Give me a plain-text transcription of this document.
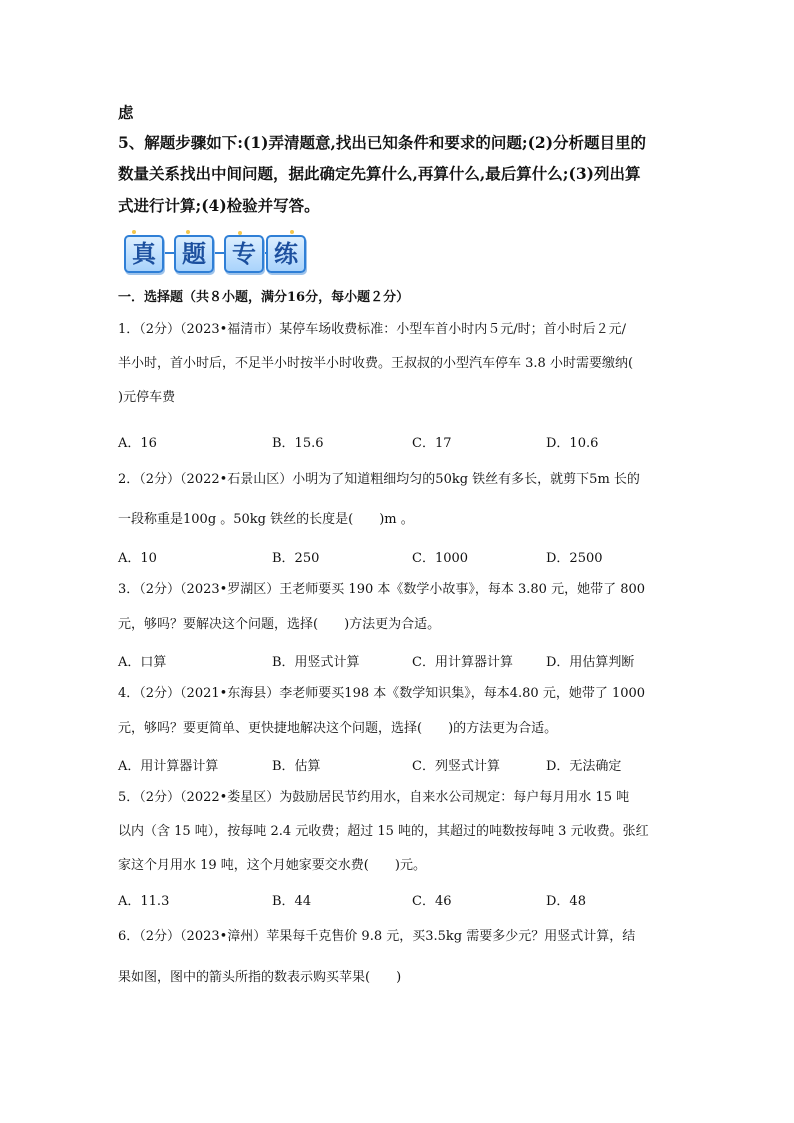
虑
5、解题步骤如下:(1)弄清题意,找出已知条件和要求的问题;(2)分析题目里的
数量关系找出中间问题，据此确定先算什么,再算什么,最后算什么;(3)列出算
式进行计算;(4)检验并写答。
真	题	专 练
一．选择题（共８小题，满分16分，每小题２分）
1．（2分）（2023•福清市）某停车场收费标准：小型车首小时内５元/时；首小时后２元/
半小时，首小时后，不足半小时按半小时收费。王叔叔的小型汽车停车 3.8 小时需要缴纳(
)元停车费
A．16	B．15.6	C．17	D．10.6
2．（2分）（2022•石景山区）小明为了知道粗细均匀的50kg 铁丝有多长，就剪下5m 长的
一段称重是100g 。50kg 铁丝的长度是(　　)m 。
A．10	B．250	C．1000	D．2500
3．（2分）（2023•罗湖区）王老师要买 190 本《数学小故事》，每本 3.80 元，她带了 800
元，够吗？要解决这个问题，选择(　　)方法更为合适。
A．口算	B．用竖式计算	C．用计算器计算	D．用估算判断
4．（2分）（2021•东海县）李老师要买198 本《数学知识集》，每本4.80 元，她带了 1000
元，够吗？要更简单、更快捷地解决这个问题，选择(　　)的方法更为合适。
A．用计算器计算	B．估算	C．列竖式计算	D．无法确定
5．（2分）（2022•娄星区）为鼓励居民节约用水，自来水公司规定：每户每月用水 15 吨
以内（含 15 吨），按每吨 2.4 元收费；超过 15 吨的，其超过的吨数按每吨 3 元收费。张红
家这个月用水 19 吨，这个月她家要交水费(　　)元。
A．11.3	B．44	C．46	D．48
6．（2分）（2023•漳州）苹果每千克售价 9.8 元，买3.5kg 需要多少元？用竖式计算，结
果如图，图中的箭头所指的数表示购买苹果(　　)
